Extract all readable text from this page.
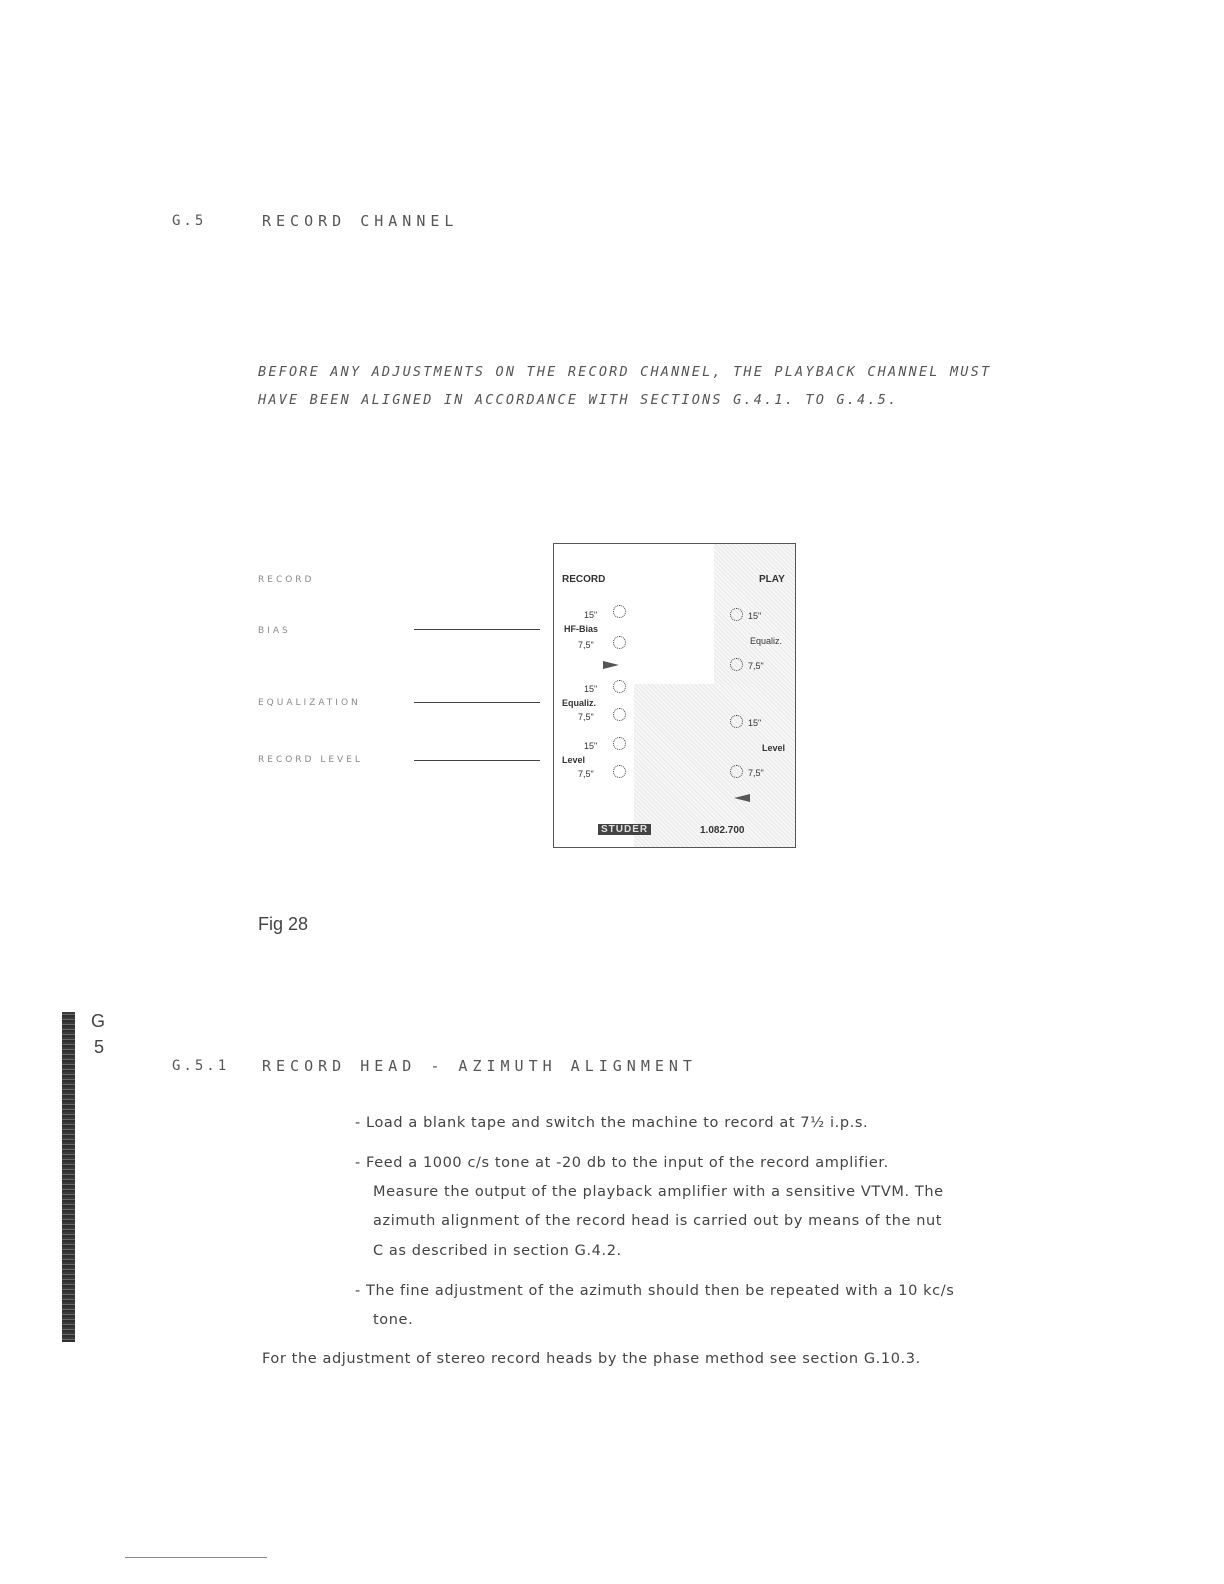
G.5	RECORD CHANNEL
BEFORE ANY ADJUSTMENTS ON THE RECORD CHANNEL, THE PLAYBACK CHANNEL MUST
HAVE BEEN ALIGNED IN ACCORDANCE WITH SECTIONS G.4.1. TO G.4.5.
RECORD
BIAS
EQUALIZATION
RECORD LEVEL
RECORD	PLAY
15"
HF-Bias
7,5"
15"
Equaliz.
7,5"
15"
Level
7,5"
15"
Equaliz.
7,5"
15"
Level
7,5"
STUDER	1.082.700
Fig 28
G
5
G.5.1 RECORD HEAD - AZIMUTH ALIGNMENT
- Load a blank tape and switch the machine to record at 7½ i.p.s.
- Feed a 1000 c/s tone at -20 db to the input of the record amplifier.
Measure the output of the playback amplifier with a sensitive VTVM. The
azimuth alignment of the record head is carried out by means of the nut
C as described in section G.4.2.
- The fine adjustment of the azimuth should then be repeated with a 10 kc/s
tone.
For the adjustment of stereo record heads by the phase method see section G.10.3.
